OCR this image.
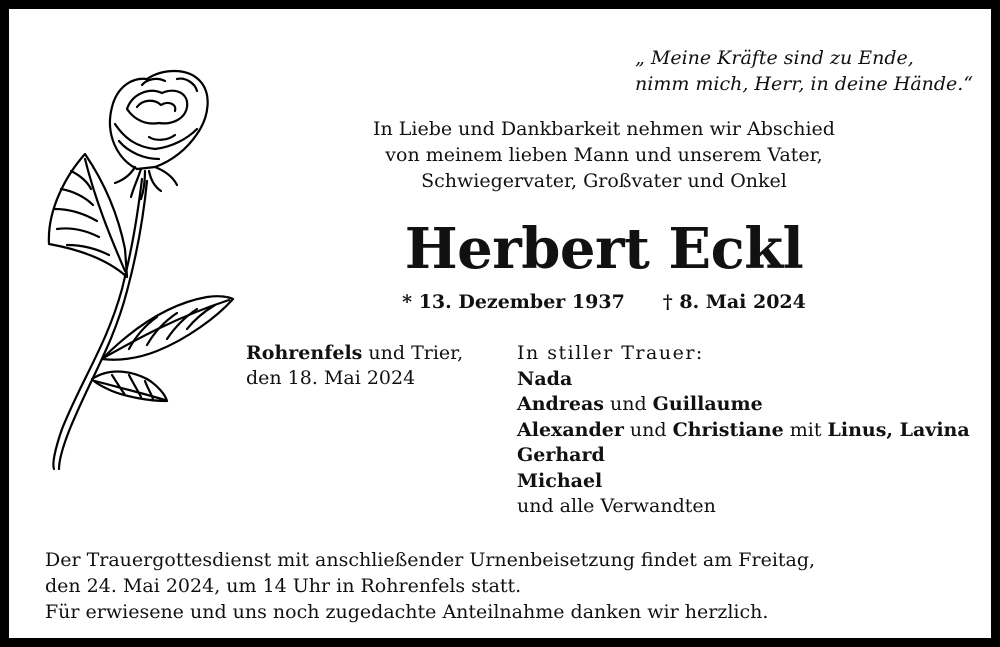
„ Meine Kräfte sind zu Ende,
nimm mich, Herr, in deine Hände.“
In Liebe und Dankbarkeit nehmen wir Abschied
von meinem lieben Mann und unserem Vater,
Schwiegervater, Großvater und Onkel
Herbert Eckl
* 13. Dezember 1937 † 8. Mai 2024
Rohrenfels und Trier,
den 18. Mai 2024
In stiller Trauer:
Nada
Andreas und Guillaume
Alexander und Christiane mit Linus, Lavina
Gerhard
Michael
und alle Verwandten
Der Trauergottesdienst mit anschließender Urnenbeisetzung findet am Freitag,
den 24. Mai 2024, um 14 Uhr in Rohrenfels statt.
Für erwiesene und uns noch zugedachte Anteilnahme danken wir herzlich.
